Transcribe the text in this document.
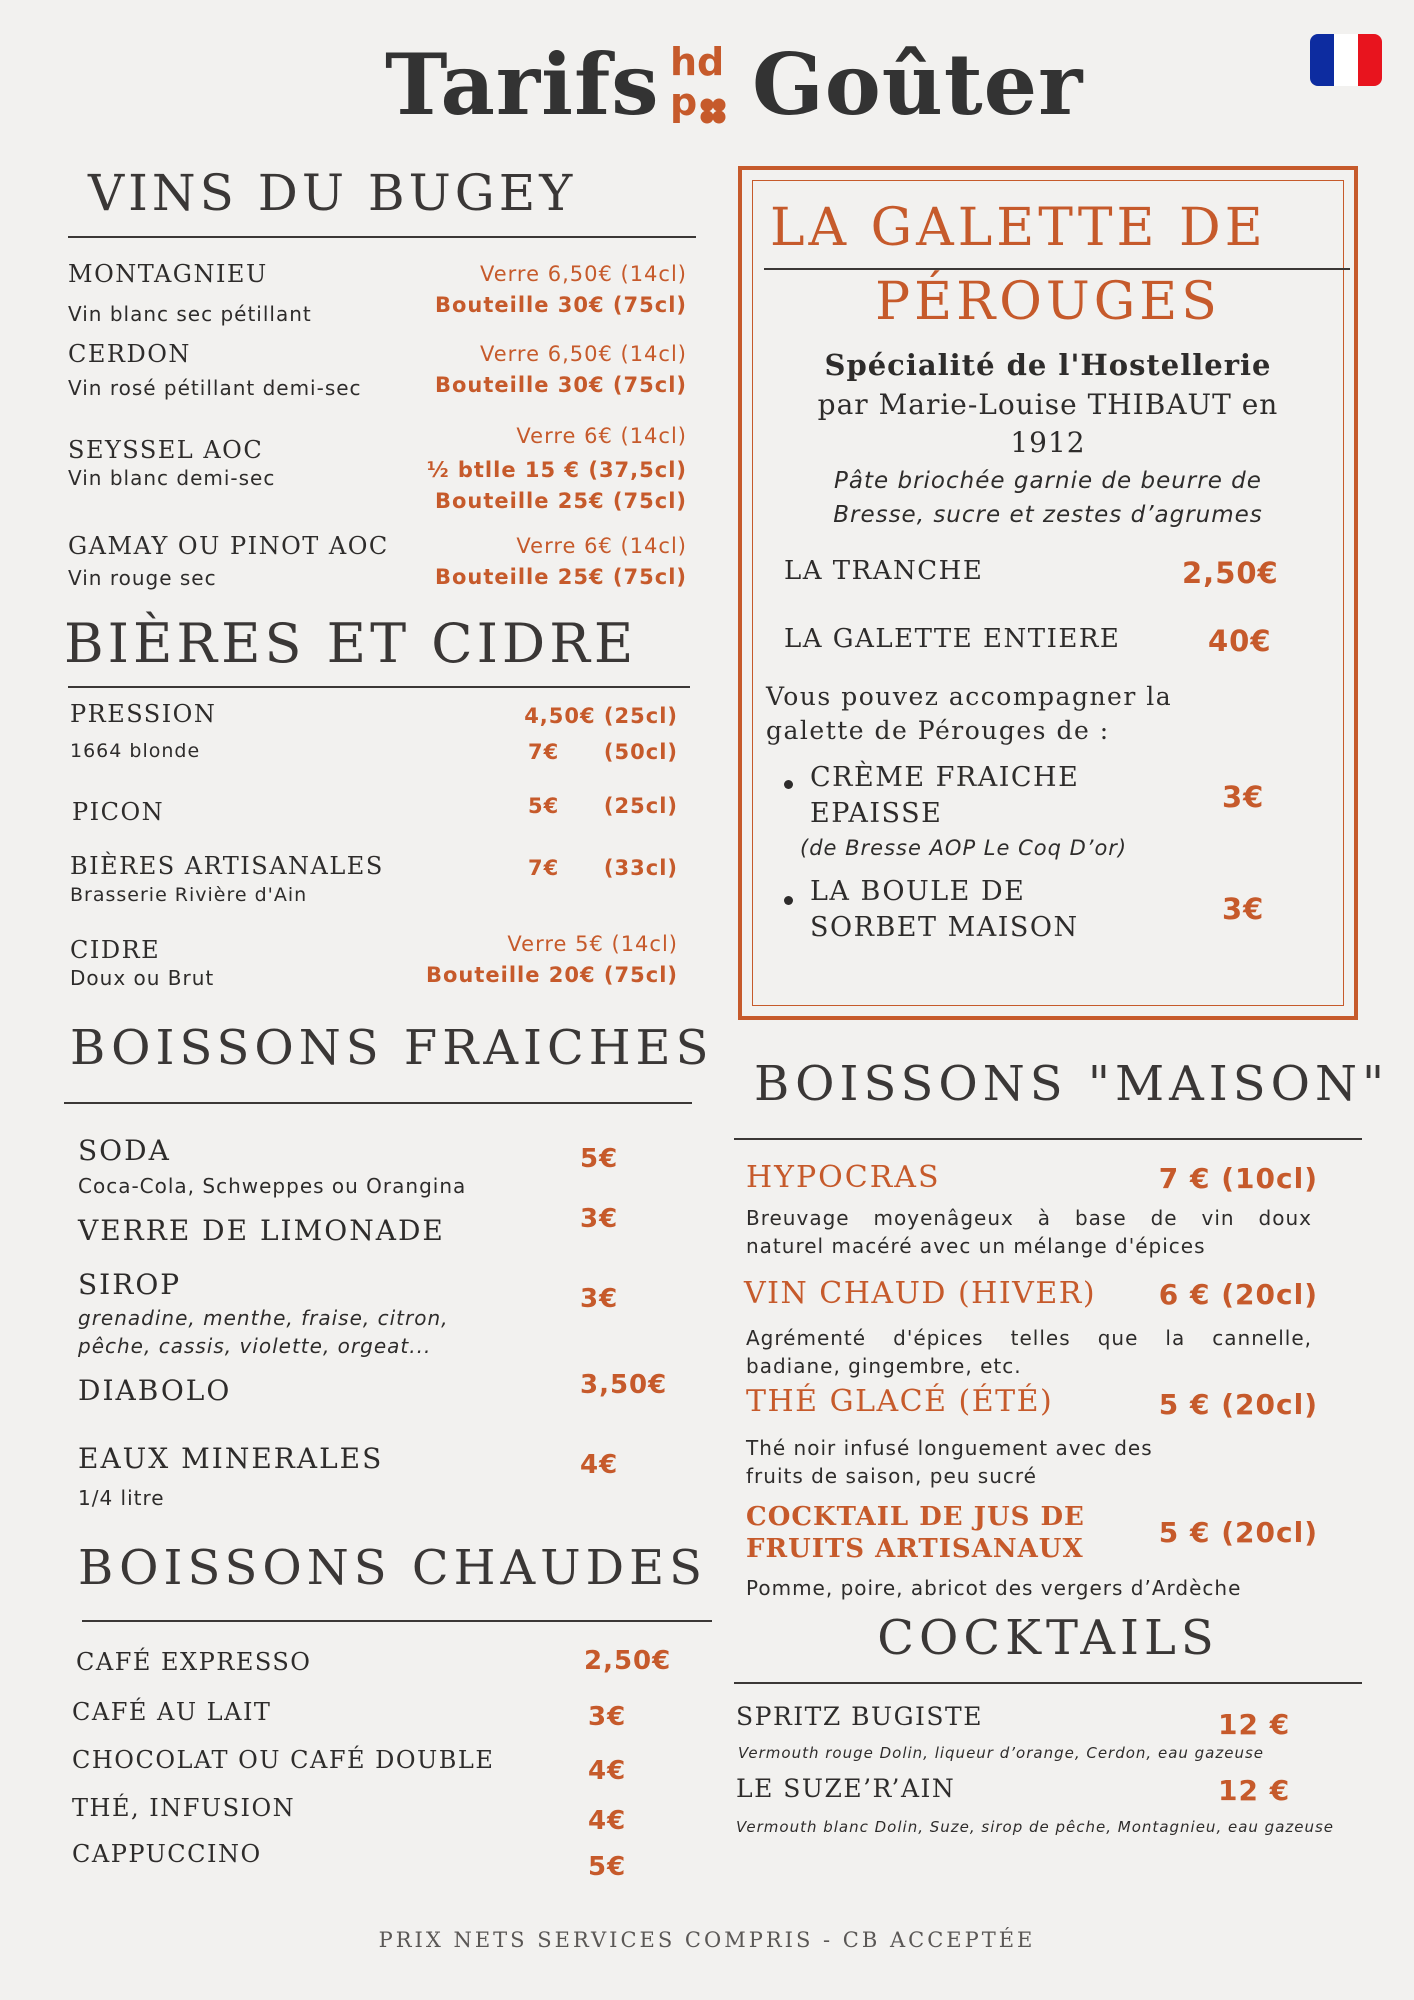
Tarifs hd
p Goûter
VINS DU BUGEY
MONTAGNIEU
Vin blanc sec pétillant
Verre 6,50€ (14cl)
Bouteille 30€ (75cl)
CERDON
Vin rosé pétillant demi-sec
Verre 6,50€ (14cl)
Bouteille 30€ (75cl)
SEYSSEL AOC
Vin blanc demi-sec
Verre 6€ (14cl)
½ btlle 15 € (37,5cl)
Bouteille 25€ (75cl)
GAMAY OU PINOT AOC
Vin rouge sec
Verre 6€ (14cl)
Bouteille 25€ (75cl)
BIÈRES ET CIDRE
PRESSION
1664 blonde
4,50€ (25cl)
7€ (50cl)
PICON	5€ (25cl)
BIÈRES ARTISANALES
Brasserie Rivière d'Ain
7€ (33cl)
CIDRE
Doux ou Brut
Verre 5€ (14cl)
Bouteille 20€ (75cl)
BOISSONS FRAICHES
SODA
Coca-Cola, Schweppes ou Orangina
5€
VERRE DE LIMONADE	3€
SIROP
grenadine, menthe, fraise, citron,
pêche, cassis, violette, orgeat...
3€
DIABOLO	3,50€
EAUX MINERALES
1/4 litre
4€
BOISSONS CHAUDES
CAFÉ EXPRESSO	2,50€
CAFÉ AU LAIT	3€
CHOCOLAT OU CAFÉ DOUBLE	4€
THÉ, INFUSION	4€
CAPPUCCINO	5€
LA GALETTE DE
PÉROUGES
Spécialité de l'Hostellerie
par Marie-Louise THIBAUT en
1912
Pâte briochée garnie de beurre de
Bresse, sucre et zestes d’agrumes
LA TRANCHE	2,50€
LA GALETTE ENTIERE	40€
Vous pouvez accompagner la
galette de Pérouges de :
CRÈME FRAICHE
EPAISSE
(de Bresse AOP Le Coq D’or)
3€
LA BOULE DE
SORBET MAISON
3€
BOISSONS "MAISON"
HYPOCRAS	7 € (10cl)
Breuvage moyenâgeux à base de vin doux
naturel macéré avec un mélange d'épices
VIN CHAUD (HIVER) 6 € (20cl)
Agrémenté d'épices telles que la cannelle,
badiane, gingembre, etc.
THÉ GLACÉ (ÉTÉ)	5 € (20cl)
Thé noir infusé longuement avec des
fruits de saison, peu sucré
COCKTAIL DE JUS DE
FRUITS ARTISANAUX	5 € (20cl)
Pomme, poire, abricot des vergers d’Ardèche
COCKTAILS
SPRITZ BUGISTE	12 €
Vermouth rouge Dolin, liqueur d’orange, Cerdon, eau gazeuse
LE SUZE’R’AIN	12 €
Vermouth blanc Dolin, Suze, sirop de pêche, Montagnieu, eau gazeuse
PRIX NETS SERVICES COMPRIS - CB ACCEPTÉE
